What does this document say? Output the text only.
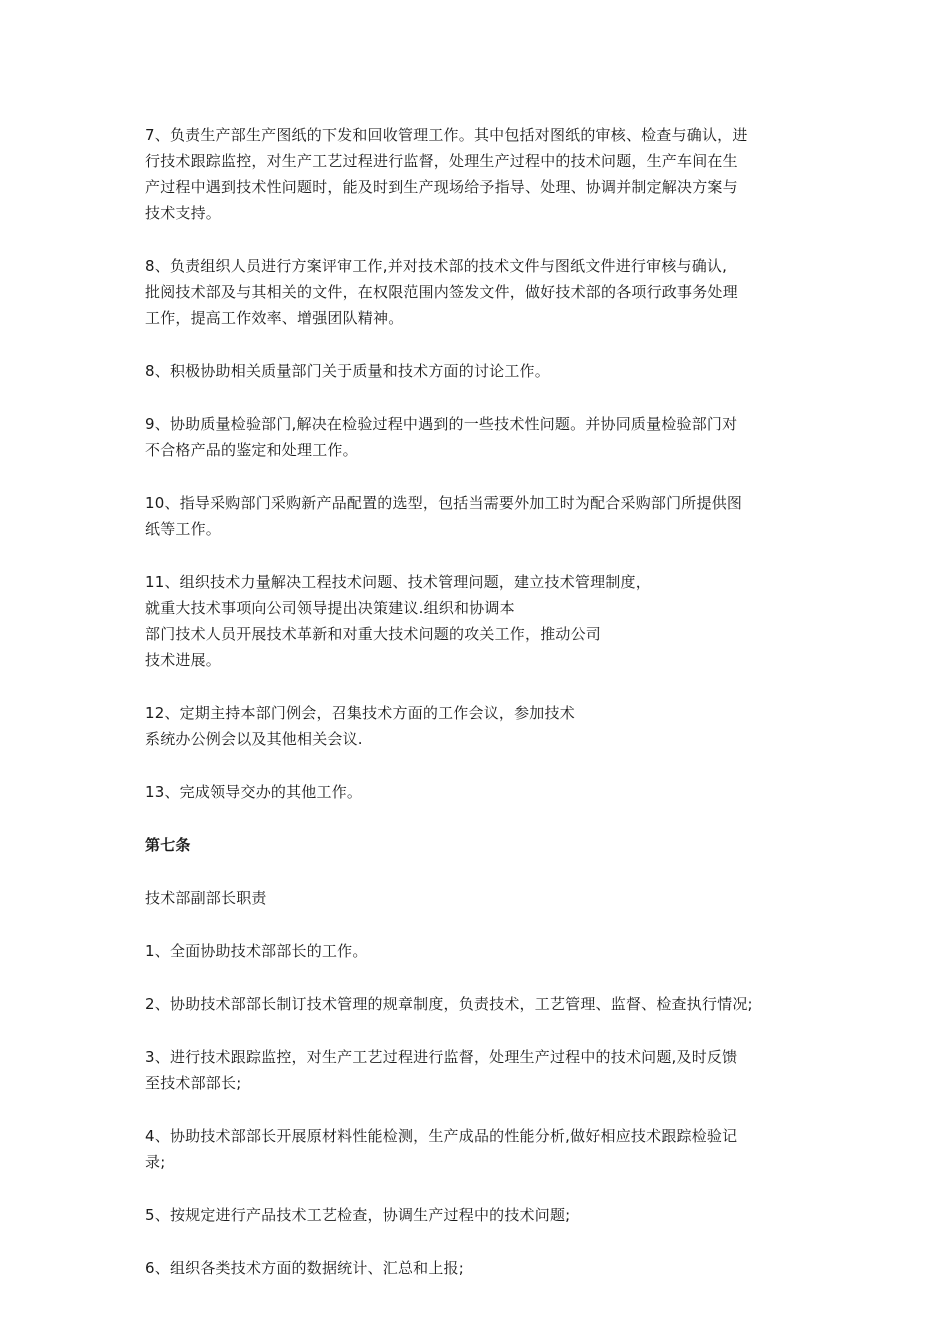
7、负责生产部生产图纸的下发和回收管理工作。其中包括对图纸的审核、检查与确认，进
行技术跟踪监控，对生产工艺过程进行监督，处理生产过程中的技术问题，生产车间在生
产过程中遇到技术性问题时，能及时到生产现场给予指导、处理、协调并制定解决方案与
技术支持。

8、负责组织人员进行方案评审工作,并对技术部的技术文件与图纸文件进行审核与确认,
批阅技术部及与其相关的文件，在权限范围内签发文件，做好技术部的各项行政事务处理
工作，提高工作效率、增强团队精神。

8、积极协助相关质量部门关于质量和技术方面的讨论工作。

9、协助质量检验部门,解决在检验过程中遇到的一些技术性问题。并协同质量检验部门对
不合格产品的鉴定和处理工作。

10、指导采购部门采购新产品配置的选型，包括当需要外加工时为配合采购部门所提供图
纸等工作。

11、组织技术力量解决工程技术问题、技术管理问题，建立技术管理制度，
就重大技术事项向公司领导提出决策建议.组织和协调本
部门技术人员开展技术革新和对重大技术问题的攻关工作，推动公司
技术进展。

12、定期主持本部门例会，召集技术方面的工作会议，参加技术
系统办公例会以及其他相关会议.

13、完成领导交办的其他工作。

第七条

技术部副部长职责

1、全面协助技术部部长的工作。

2、协助技术部部长制订技术管理的规章制度，负责技术，工艺管理、监督、检查执行情况;

3、进行技术跟踪监控，对生产工艺过程进行监督，处理生产过程中的技术问题,及时反馈
至技术部部长;

4、协助技术部部长开展原材料性能检测，生产成品的性能分析,做好相应技术跟踪检验记
录;

5、按规定进行产品技术工艺检查，协调生产过程中的技术问题;

6、组织各类技术方面的数据统计、汇总和上报;
